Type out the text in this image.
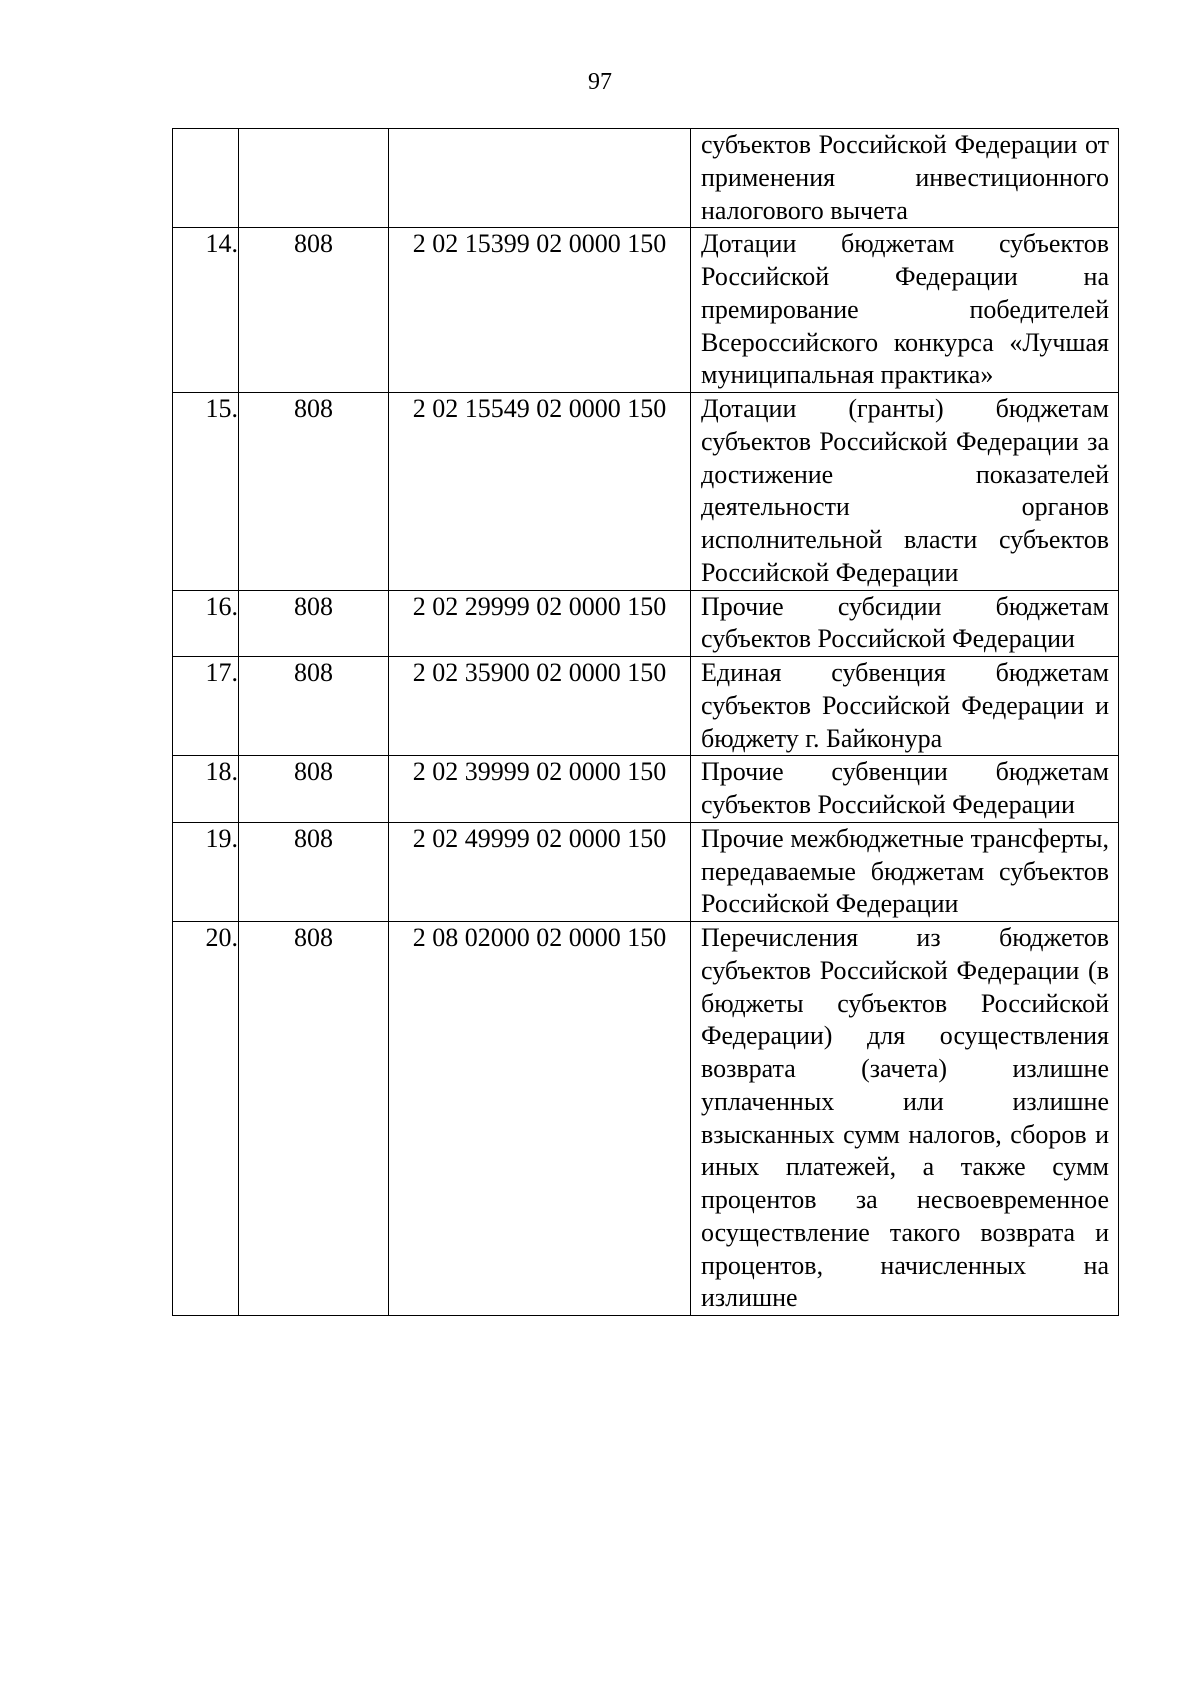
97
			субъектов Российской Федерации от применения инвестиционного налогового вычета
14.	808	2 02 15399 02 0000 150	Дотации бюджетам субъектов Российской Федерации на премирование победителей Всероссийского конкурса «Лучшая муниципальная практика»
15.	808	2 02 15549 02 0000 150	Дотации (гранты) бюджетам субъектов Российской Федерации за достижение показателей деятельности органов исполнительной власти субъектов Российской Федерации
16.	808	2 02 29999 02 0000 150	Прочие субсидии бюджетам субъектов Российской Федерации
17.	808	2 02 35900 02 0000 150	Единая субвенция бюджетам субъектов Российской Федерации и бюджету г. Байконура
18.	808	2 02 39999 02 0000 150	Прочие субвенции бюджетам субъектов Российской Федерации
19.	808	2 02 49999 02 0000 150	Прочие межбюджетные трансферты, передаваемые бюджетам субъектов Российской Федерации
20.	808	2 08 02000 02 0000 150	Перечисления из бюджетов субъектов Российской Федерации (в бюджеты субъектов Российской Федерации) для осуществления возврата (зачета) излишне уплаченных или излишне взысканных сумм налогов, сборов и иных платежей, а также сумм процентов за несвоевременное осуществление такого возврата и процентов, начисленных на излишне
